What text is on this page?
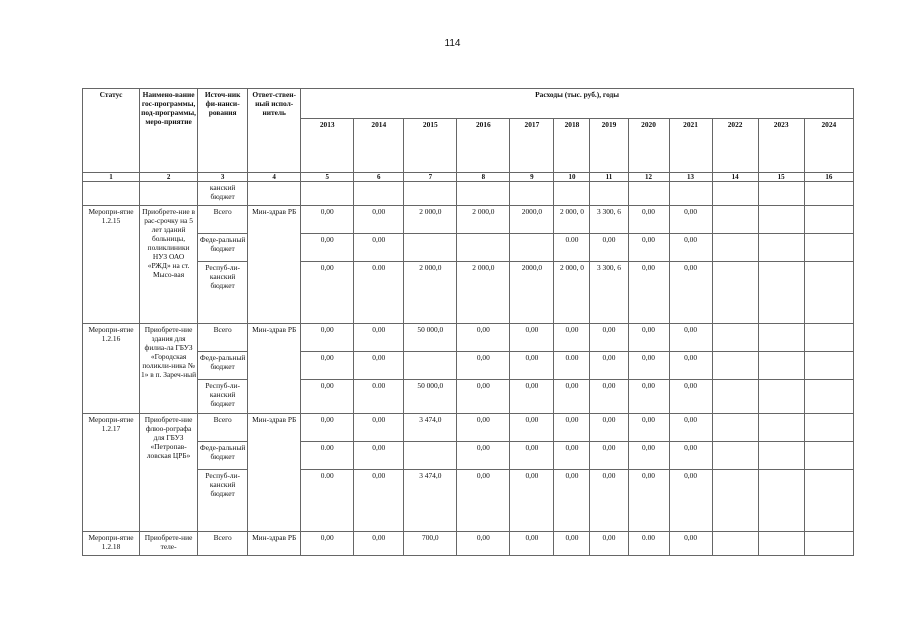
114
Статус	Наимено-вание гос-программы, под-программы, меро-приятие	Источ-ник фи-нанси-рования	Ответ-ствен-ный испол-нитель	Расходы (тыс. руб.), годы											
				2013	2014	2015	2016	2017	2018	2019	2020	2021	2022	2023	2024
1	2	3	4	5	6	7	8	9	10	11	12	13	14	15	16
		канский бюджет													
Меропри-ятие 1.2.15	Приобрете-ние в рас-срочку на 5 лет зданий больницы, поликлиники НУЗ ОАО «РЖД» на ст. Мысо-вая	Всего	Мин-здрав РБ	0,00	0,00	2 000,0	2 000,0	2000,0	2 000, 0	3 300, 6	0,00	0,00			
		Феде-ральный бюджет		0,00	0,00				0.00	0,00	0,00	0,00			
		Респуб-ли-канский бюджет		0,00	0.00	2 000,0	2 000,0	2000,0	2 000, 0	3 300, 6	0,00	0,00			
Меропри-ятие 1.2.16	Приобрете-ние здания для филиа-ла ГБУЗ «Городская поликли-ника № 1» в п. Зареч-ный	Всего	Мин-здрав РБ	0,00	0,00	50 000,0	0,00	0,00	0,00	0,00	0,00	0,00			
		Феде-ральный бюджет		0,00	0,00		0,00	0,00	0.00	0,00	0,00	0,00			
		Респуб-ли-канский бюджет		0,00	0.00	50 000,0	0,00	0,00	0,00	0,00	0,00	0,00			
Меропри-ятие 1.2.17	Приобрете-ние флюо-рографа для ГБУЗ «Петропав-ловская ЦРБ»	Всего	Мин-здрав РБ	0,00	0,00	3 474,0	0,00	0,00	0,00	0,00	0,00	0,00			
		Феде-ральный бюджет		0.00	0,00		0,00	0,00	0,00	0,00	0,00	0,00			
		Респуб-ли-канский бюджет		0.00	0,00	3 474,0	0,00	0,00	0,00	0,00	0,00	0,00			
Меропри-ятие 1.2.18	Приобрете-ние теле-	Всего	Мин-здрав РБ	0,00	0,00	700,0	0,00	0,00	0,00	0,00	0.00	0,00			
